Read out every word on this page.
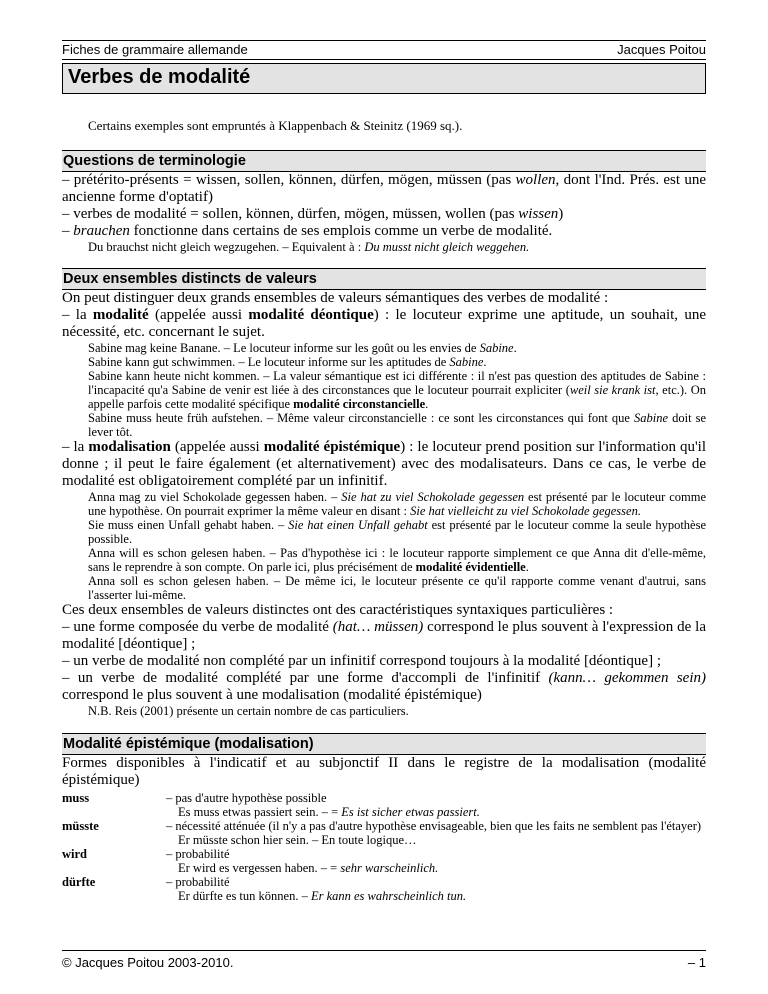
Fiches de grammaire allemande	Jacques Poitou
Verbes de modalité
Certains exemples sont empruntés à Klappenbach & Steinitz (1969 sq.).
Questions de terminologie

– prétérito-présents = wissen, sollen, können, dürfen, mögen, müssen (pas wollen, dont l'Ind. Prés. est une ancienne forme d'optatif)

– verbes de modalité = sollen, können, dürfen, mögen, müssen, wollen (pas wissen)

– brauchen fonctionne dans certains de ses emplois comme un verbe de modalité.

Du brauchst nicht gleich wegzugehen. – Equivalent à : Du musst nicht gleich weggehen.

Deux ensembles distincts de valeurs

On peut distinguer deux grands ensembles de valeurs sémantiques des verbes de modalité :

– la modalité (appelée aussi modalité déontique) : le locuteur exprime une aptitude, un souhait, une nécessité, etc. concernant le sujet.

Sabine mag keine Banane. – Le locuteur informe sur les goût ou les envies de Sabine.

Sabine kann gut schwimmen. – Le locuteur informe sur les aptitudes de Sabine.

Sabine kann heute nicht kommen. – La valeur sémantique est ici différente : il n'est pas question des aptitudes de Sabine : l'incapacité qu'a Sabine de venir est liée à des circonstances que le locuteur pourrait expliciter (weil sie krank ist, etc.). On appelle parfois cette modalité spécifique modalité circonstancielle.

Sabine muss heute früh aufstehen. – Même valeur circonstancielle : ce sont les circonstances qui font que Sabine doit se lever tôt.

– la modalisation (appelée aussi modalité épistémique) : le locuteur prend position sur l'information qu'il donne ; il peut le faire également (et alternativement) avec des modalisateurs. Dans ce cas, le verbe de modalité est obligatoirement complété par un infinitif.

Anna mag zu viel Schokolade gegessen haben. – Sie hat zu viel Schokolade gegessen est présenté par le locuteur comme une hypothèse. On pourrait exprimer la même valeur en disant : Sie hat vielleicht zu viel Schokolade gegessen.

Sie muss einen Unfall gehabt haben. – Sie hat einen Unfall gehabt est présenté par le locuteur comme la seule hypothèse possible.

Anna will es schon gelesen haben. – Pas d'hypothèse ici : le locuteur rapporte simplement ce que Anna dit d'elle-même, sans le reprendre à son compte. On parle ici, plus précisément de modalité évidentielle.

Anna soll es schon gelesen haben. – De même ici, le locuteur présente ce qu'il rapporte comme venant d'autrui, sans l'asserter lui-même.

Ces deux ensembles de valeurs distinctes ont des caractéristiques syntaxiques particulières :

– une forme composée du verbe de modalité (hat… müssen) correspond le plus souvent à l'expression de la modalité [déontique] ;

– un verbe de modalité non complété par un infinitif correspond toujours à la modalité [déontique] ;

– un verbe de modalité complété par une forme d'accompli de l'infinitif (kann… gekommen sein) correspond le plus souvent à une modalisation (modalité épistémique)

N.B. Reis (2001) présente un certain nombre de cas particuliers.

Modalité épistémique (modalisation)

Formes disponibles à l'indicatif et au subjonctif II dans le registre de la modalisation (modalité épistémique)

muss	– pas d'autre hypothèse possible
Es muss etwas passiert sein. – = Es ist sicher etwas passiert.

müsste	– nécessité atténuée (il n'y a pas d'autre hypothèse envisageable, bien que les faits ne semblent pas l'étayer)
Er müsste schon hier sein. – En toute logique…

wird	– probabilité
Er wird es vergessen haben. – = sehr warscheinlich.

dürfte	– probabilité
Er dürfte es tun können. – Er kann es wahrscheinlich tun.
© Jacques Poitou 2003-2010.	– 1
